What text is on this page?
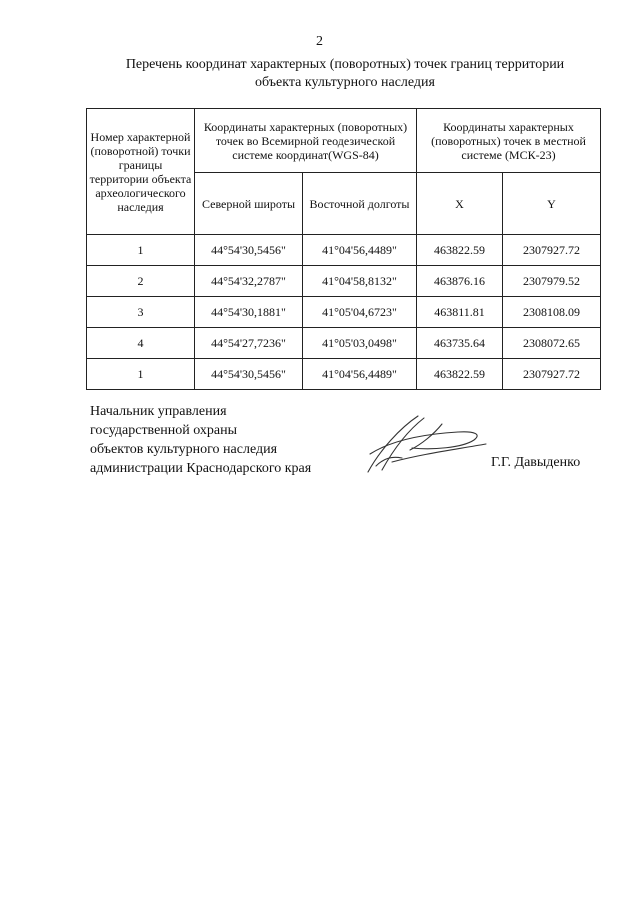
2
Перечень координат характерных (поворотных) точек границ территории
объекта культурного наследия
Номер характерной (поворотной) точки границы территории объекта археологического наследия	Координаты характерных (поворотных) точек во Всемирной геодезической системе координат(WGS-84)		Координаты характерных (поворотных) точек в местной системе (МСК-23)	
	Северной широты	Восточной долготы	X	Y
1	44°54'30,5456"	41°04'56,4489"	463822.59	2307927.72
2	44°54'32,2787"	41°04'58,8132"	463876.16	2307979.52
3	44°54'30,1881"	41°05'04,6723"	463811.81	2308108.09
4	44°54'27,7236"	41°05'03,0498"	463735.64	2308072.65
1	44°54'30,5456"	41°04'56,4489"	463822.59	2307927.72
Начальник управления
государственной охраны
объектов культурного наследия
администрации Краснодарского края	Г.Г. Давыденко
